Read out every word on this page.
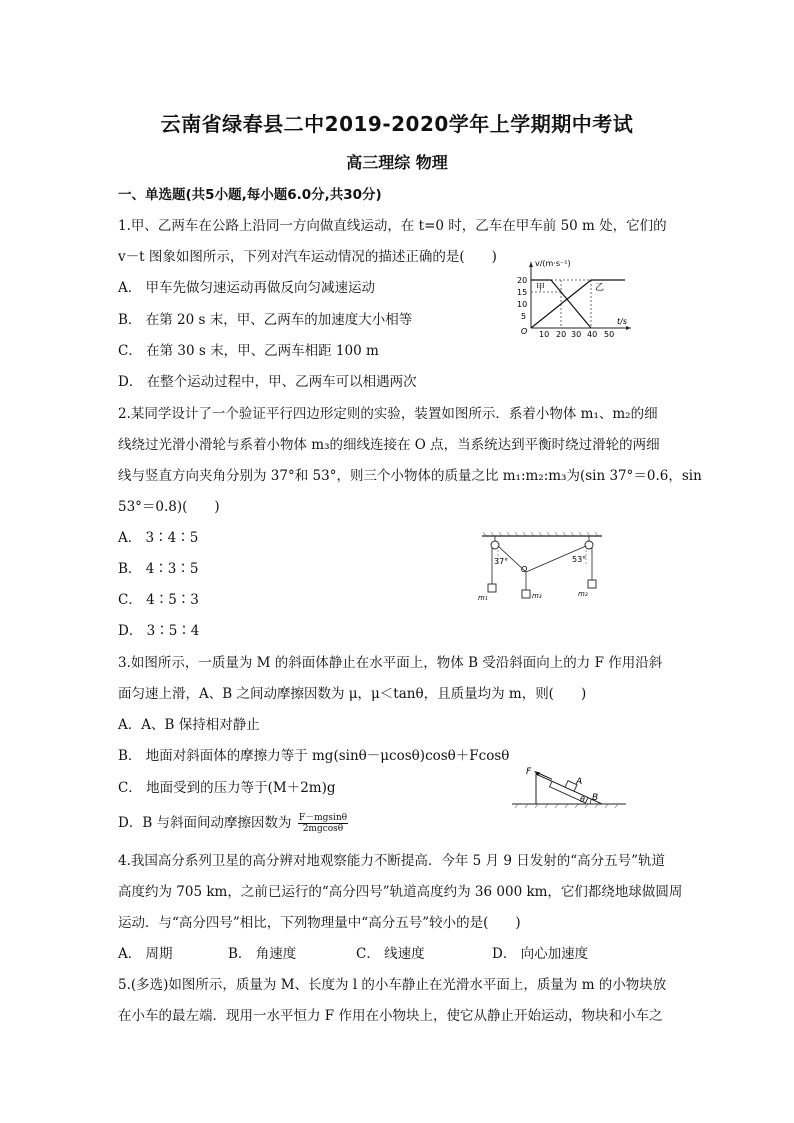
云南省绿春县二中2019-2020学年上学期期中考试
高三理综 物理
一、单选题(共5小题,每小题6.0分,共30分)
1.甲、乙两车在公路上沿同一方向做直线运动，在 t=0 时，乙车在甲车前 50 m 处，它们的
v－t 图象如图所示，下列对汽车运动情况的描述正确的是(　　)
A． 甲车先做匀速运动再做反向匀减速运动
B． 在第 20 s 末，甲、乙两车的加速度大小相等
C． 在第 30 s 末，甲、乙两车相距 100 m
D． 在整个运动过程中，甲、乙两车可以相遇两次
v/(m·s⁻¹)
t/s
O
20
15
10
5
10 20 30 40 50
甲	乙
2.某同学设计了一个验证平行四边形定则的实验，装置如图所示．系着小物体 m₁、m₂的细
线绕过光滑小滑轮与系着小物体 m₃的细线连接在 O 点，当系统达到平衡时绕过滑轮的两细
线与竖直方向夹角分别为 37°和 53°，则三个小物体的质量之比 m₁:m₂:m₃为(sin 37°＝0.6，sin
53°＝0.8)(　　)
A． 3∶4∶5
B． 4∶3∶5
C． 4∶5∶3
D． 3∶5∶4
37°	53°
O
m₁	m₂
m₃
3.如图所示，一质量为 M 的斜面体静止在水平面上，物体 B 受沿斜面向上的力 F 作用沿斜
面匀速上滑，A、B 之间动摩擦因数为 μ，μ＜tanθ，且质量均为 m，则(　　)
A．A、B 保持相对静止
B． 地面对斜面体的摩擦力等于 mg(sinθ－μcosθ)cosθ＋Fcosθ
C． 地面受到的压力等于(M＋2m)g
D．B 与斜面间动摩擦因数为 $\frac{F-mgsin\theta}{2mgcos\theta}$
F
A
B
θ
4.我国高分系列卫星的高分辨对地观察能力不断提高．今年 5 月 9 日发射的“高分五号”轨道
高度约为 705 km，之前已运行的“高分四号”轨道高度约为 36 000 km，它们都绕地球做圆周
运动．与“高分四号”相比，下列物理量中“高分五号”较小的是(　　)
A． 周期	B． 角速度	C． 线速度	D． 向心加速度
5.(多选)如图所示，质量为 M、长度为 l 的小车静止在光滑水平面上，质量为 m 的小物块放
在小车的最左端．现用一水平恒力 F 作用在小物块上，使它从静止开始运动，物块和小车之
